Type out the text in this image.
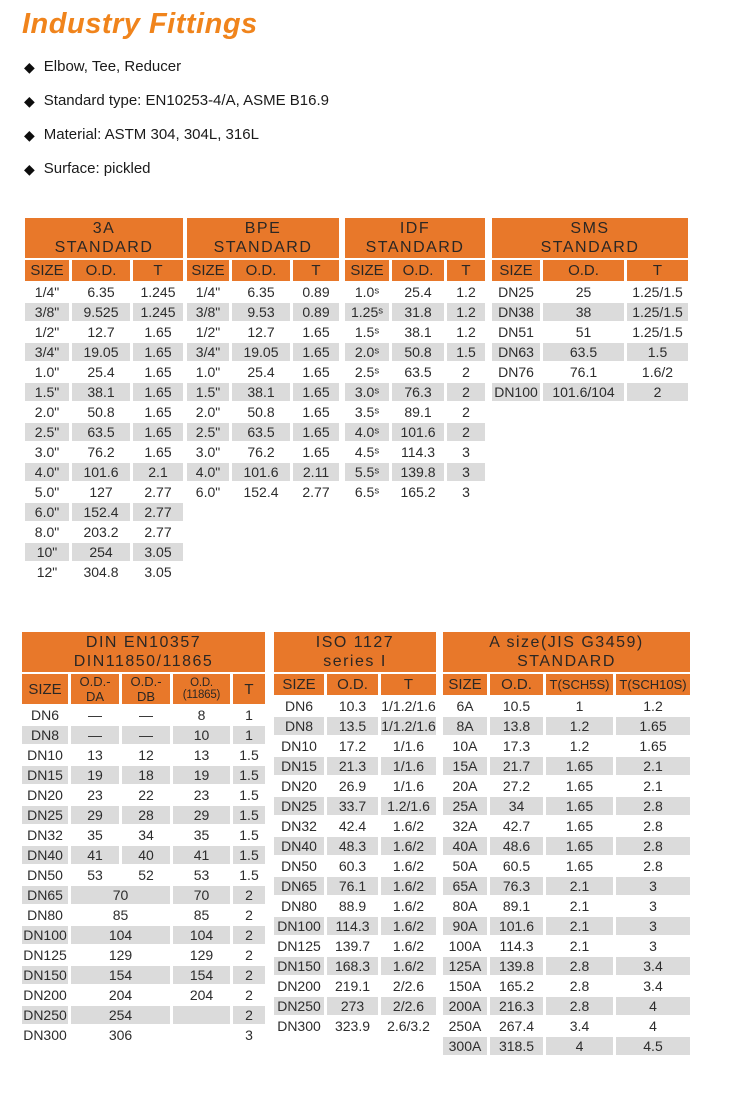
Industry Fittings
◆ Elbow, Tee, Reducer
◆ Standard type: EN10253-4/A, ASME B16.9
◆ Material: ASTM 304, 304L, 316L
◆ Surface: pickled
3A
STANDARD
SIZE	O.D.	T
1/4"	6.35	1.245
3/8"	9.525	1.245
1/2"	12.7	1.65
3/4"	19.05	1.65
1.0"	25.4	1.65
1.5"	38.1	1.65
2.0"	50.8	1.65
2.5"	63.5	1.65
3.0"	76.2	1.65
4.0"	101.6	2.1
5.0"	127	2.77
6.0"	152.4	2.77
8.0"	203.2	2.77
10"	254	3.05
12"	304.8	3.05
BPE
STANDARD
SIZE	O.D.	T
1/4"	6.35	0.89
3/8"	9.53	0.89
1/2"	12.7	1.65
3/4"	19.05	1.65
1.0"	25.4	1.65
1.5"	38.1	1.65
2.0"	50.8	1.65
2.5"	63.5	1.65
3.0"	76.2	1.65
4.0"	101.6	2.11
6.0"	152.4	2.77
IDF
STANDARD
SIZE	O.D.	T
1.0ˢ	25.4	1.2
1.25ˢ	31.8	1.2
1.5ˢ	38.1	1.2
2.0ˢ	50.8	1.5
2.5ˢ	63.5	2
3.0ˢ	76.3	2
3.5ˢ	89.1	2
4.0ˢ	101.6	2
4.5ˢ	114.3	3
5.5ˢ	139.8	3
6.5ˢ	165.2	3
SMS
STANDARD
SIZE	O.D.	T
DN25	25	1.25/1.5
DN38	38	1.25/1.5
DN51	51	1.25/1.5
DN63	63.5	1.5
DN76	76.1	1.6/2
DN100	101.6/104	2
DIN EN10357
DIN11850/11865
SIZE	O.D.-DA	O.D.-DB	O.D.(11865)	T
DN6	—	—	8	1
DN8	—	—	10	1
DN10	13	12	13	1.5
DN15	19	18	19	1.5
DN20	23	22	23	1.5
DN25	29	28	29	1.5
DN32	35	34	35	1.5
DN40	41	40	41	1.5
DN50	53	52	53	1.5
DN65	70		70	2
DN80	85		85	2
DN100	104		104	2
DN125	129		129	2
DN150	154		154	2
DN200	204		204	2
DN250	254			2
DN300	306			3
ISO 1127
series I
SIZE	O.D.	T
DN6	10.3	1/1.2/1.6
DN8	13.5	1/1.2/1.6
DN10	17.2	1/1.6
DN15	21.3	1/1.6
DN20	26.9	1/1.6
DN25	33.7	1.2/1.6
DN32	42.4	1.6/2
DN40	48.3	1.6/2
DN50	60.3	1.6/2
DN65	76.1	1.6/2
DN80	88.9	1.6/2
DN100	114.3	1.6/2
DN125	139.7	1.6/2
DN150	168.3	1.6/2
DN200	219.1	2/2.6
DN250	273	2/2.6
DN300	323.9	2.6/3.2
A size(JIS G3459)
STANDARD
SIZE	O.D.	T(SCH5S)	T(SCH10S)
6A	10.5	1	1.2
8A	13.8	1.2	1.65
10A	17.3	1.2	1.65
15A	21.7	1.65	2.1
20A	27.2	1.65	2.1
25A	34	1.65	2.8
32A	42.7	1.65	2.8
40A	48.6	1.65	2.8
50A	60.5	1.65	2.8
65A	76.3	2.1	3
80A	89.1	2.1	3
90A	101.6	2.1	3
100A	114.3	2.1	3
125A	139.8	2.8	3.4
150A	165.2	2.8	3.4
200A	216.3	2.8	4
250A	267.4	3.4	4
300A	318.5	4	4.5
